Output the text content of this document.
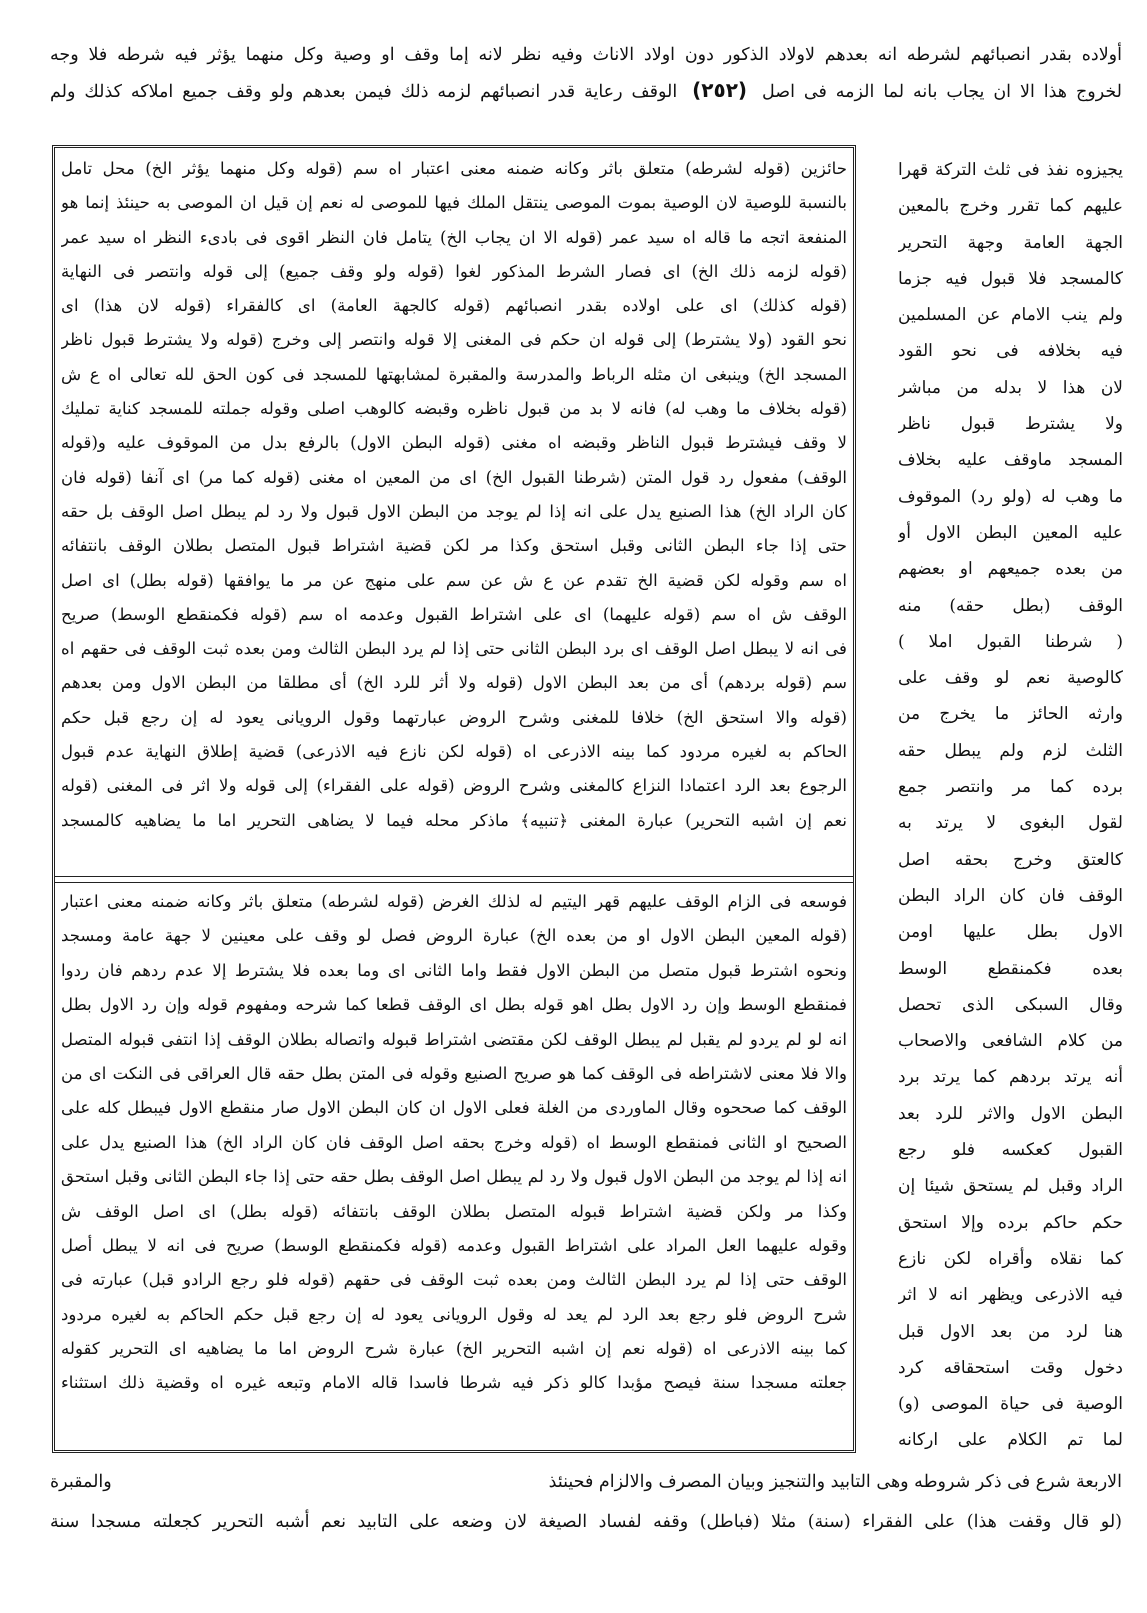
أولاده بقدر انصبائهم لشرطه انه بعدهم لاولاد الذكور دون اولاد الاناث وفيه نظر لانه إما وقف او وصية وكل منهما يؤثر فيه شرطه فلا وجه
لخروج هذا الا ان يجاب بانه لما الزمه فى اصل (٢٥٢) الوقف رعاية قدر انصبائهم لزمه ذلك فيمن بعدهم ولو وقف جميع املاكه كذلك ولم
يجيزوه نفذ فى ثلث التركة قهرا
عليهم كما تقرر وخرج بالمعين
الجهة العامة وجهة التحرير
كالمسجد فلا قبول فيه جزما
ولم ينب الامام عن المسلمين
فيه بخلافه فى نحو القود
لان هذا لا بدله من مباشر
ولا يشترط قبول ناظر
المسجد ماوقف عليه بخلاف
ما وهب له (ولو رد) الموقوف
عليه المعين البطن الاول أو
من بعده جميعهم او بعضهم
الوقف (بطل حقه) منه
( شرطنا القبول املا )
كالوصية نعم لو وقف على
وارثه الحائز ما يخرج من
الثلث لزم ولم يبطل حقه
برده كما مر وانتصر جمع
لقول البغوى لا يرتد به
كالعتق وخرج بحقه اصل
الوقف فان كان الراد البطن
الاول بطل عليها اومن
بعده فكمنقطع الوسط
وقال السبكى الذى تحصل
من كلام الشافعى والاصحاب
أنه يرتد بردهم كما يرتد برد
البطن الاول والاثر للرد بعد
القبول كعكسه فلو رجع
الراد وقبل لم يستحق شيئا إن
حكم حاكم برده وإلا استحق
كما نقلاه وأقراه لكن نازع
فيه الاذرعى ويظهر انه لا اثر
هنا لرد من بعد الاول قبل
دخول وقت استحقاقه كرد
الوصية فى حياة الموصى (و)
لما تم الكلام على اركانه
حائزين (قوله لشرطه) متعلق باثر وكانه ضمنه معنى اعتبار اه سم (قوله وكل منهما يؤثر الخ) محل تامل
بالنسبة للوصية لان الوصية بموت الموصى ينتقل الملك فيها للموصى له نعم إن قيل ان الموصى به حينئذ إنما هو
المنفعة اتجه ما قاله اه سيد عمر (قوله الا ان يجاب الخ) يتامل فان النظر اقوى فى بادىء النظر اه سيد عمر
(قوله لزمه ذلك الخ) اى فصار الشرط المذكور لغوا (قوله ولو وقف جميع) إلى قوله وانتصر فى النهاية
(قوله كذلك) اى على اولاده بقدر انصبائهم (قوله كالجهة العامة) اى كالفقراء (قوله لان هذا) اى
نحو القود (ولا يشترط) إلى قوله ان حكم فى المغنى إلا قوله وانتصر إلى وخرج (قوله ولا يشترط قبول ناظر
المسجد الخ) وينبغى ان مثله الرباط والمدرسة والمقبرة لمشابهتها للمسجد فى كون الحق لله تعالى اه ع ش
(قوله بخلاف ما وهب له) فانه لا بد من قبول ناظره وقبضه كالوهب اصلى وقوله جملته للمسجد كناية تمليك
لا وقف فيشترط قبول الناظر وقبضه اه مغنى (قوله البطن الاول) بالرفع بدل من الموقوف عليه و(قوله
الوقف) مفعول رد قول المتن (شرطنا القبول الخ) اى من المعين اه مغنى (قوله كما مر) اى آنفا (قوله فان
كان الراد الخ) هذا الصنيع يدل على انه إذا لم يوجد من البطن الاول قبول ولا رد لم يبطل اصل الوقف بل حقه
حتى إذا جاء البطن الثانى وقبل استحق وكذا مر لكن قضية اشتراط قبول المتصل بطلان الوقف بانتفائه
اه سم وقوله لكن قضية الخ تقدم عن ع ش عن سم على منهج عن مر ما يوافقها (قوله بطل) اى اصل
الوقف ش اه سم (قوله عليهما) اى على اشتراط القبول وعدمه اه سم (قوله فكمنقطع الوسط) صريح
فى انه لا يبطل اصل الوقف اى برد البطن الثانى حتى إذا لم يرد البطن الثالث ومن بعده ثبت الوقف فى حقهم اه
سم (قوله بردهم) أى من بعد البطن الاول (قوله ولا أثر للرد الخ) أى مطلقا من البطن الاول ومن بعدهم
(قوله والا استحق الخ) خلافا للمغنى وشرح الروض عبارتهما وقول الرويانى يعود له إن رجع قبل حكم
الحاكم به لغيره مردود كما بينه الاذرعى اه (قوله لكن نازع فيه الاذرعى) قضية إطلاق النهاية عدم قبول
الرجوع بعد الرد اعتمادا النزاع كالمغنى وشرح الروض (قوله على الفقراء) إلى قوله ولا اثر فى المغنى (قوله
نعم إن اشبه التحرير) عبارة المغنى ﴿تنبيه﴾ ماذكر محله فيما لا يضاهى التحرير اما ما يضاهيه كالمسجد
فوسعه فى الزام الوقف عليهم قهر اليتيم له لذلك الغرض (قوله لشرطه) متعلق باثر وكانه ضمنه معنى اعتبار
(قوله المعين البطن الاول او من بعده الخ) عبارة الروض فصل لو وقف على معينين لا جهة عامة ومسجد
ونحوه اشترط قبول متصل من البطن الاول فقط واما الثانى اى وما بعده فلا يشترط إلا عدم ردهم فان ردوا
فمنقطع الوسط وإن رد الاول بطل اهو قوله بطل اى الوقف قطعا كما شرحه ومفهوم قوله وإن رد الاول بطل
انه لو لم يردو لم يقبل لم يبطل الوقف لكن مقتضى اشتراط قبوله واتصاله بطلان الوقف إذا انتفى قبوله المتصل
والا فلا معنى لاشتراطه فى الوقف كما هو صريح الصنيع وقوله فى المتن بطل حقه قال العراقى فى النكت اى من
الوقف كما صححوه وقال الماوردى من الغلة فعلى الاول ان كان البطن الاول صار منقطع الاول فيبطل كله على
الصحيح او الثانى فمنقطع الوسط اه (قوله وخرج بحقه اصل الوقف فان كان الراد الخ) هذا الصنيع يدل على
انه إذا لم يوجد من البطن الاول قبول ولا رد لم يبطل اصل الوقف بطل حقه حتى إذا جاء البطن الثانى وقبل استحق
وكذا مر ولكن قضية اشتراط قبوله المتصل بطلان الوقف بانتفائه (قوله بطل) اى اصل الوقف ش
وقوله عليهما العل المراد على اشتراط القبول وعدمه (قوله فكمنقطع الوسط) صريح فى انه لا يبطل أصل
الوقف حتى إذا لم يرد البطن الثالث ومن بعده ثبت الوقف فى حقهم (قوله فلو رجع الرادو قبل) عبارته فى
شرح الروض فلو رجع بعد الرد لم يعد له وقول الرويانى يعود له إن رجع قبل حكم الحاكم به لغيره مردود
كما بينه الاذرعى اه (قوله نعم إن اشبه التحرير الخ) عبارة شرح الروض اما ما يضاهيه اى التحرير كقوله
جعلته مسجدا سنة فيصح مؤبدا كالو ذكر فيه شرطا فاسدا قاله الامام وتبعه غيره اه وقضية ذلك استثناء
الاربعة شرع فى ذكر شروطه وهى التابيد والتنجيز وبيان المصرف والالزام فحينئذ
والمقبرة
(لو قال وقفت هذا) على الفقراء (سنة) مثلا (فباطل) وقفه لفساد الصيغة لان وضعه على التابيد نعم أشبه التحرير كجعلته مسجدا سنة
